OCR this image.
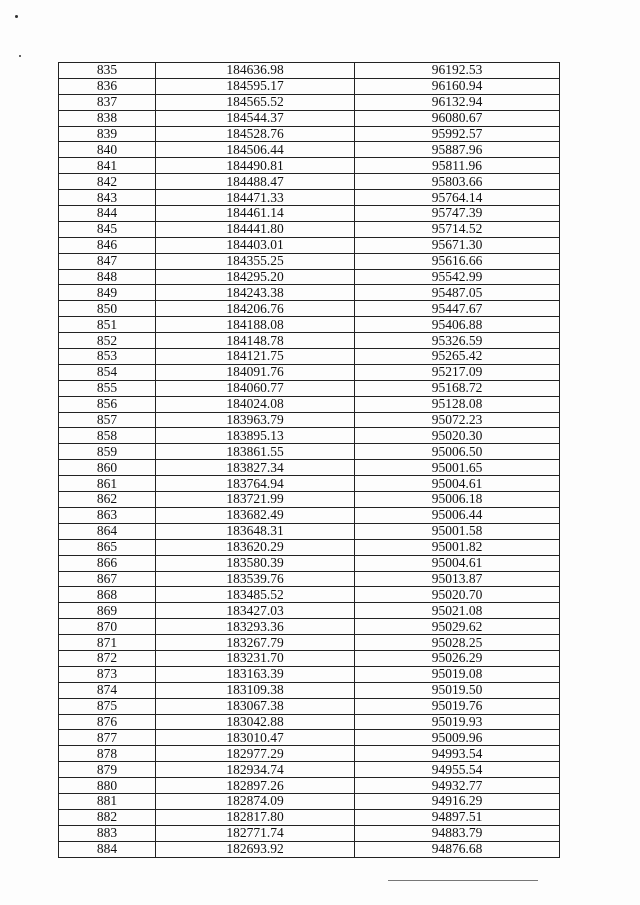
835	184636.98	96192.53
836	184595.17	96160.94
837	184565.52	96132.94
838	184544.37	96080.67
839	184528.76	95992.57
840	184506.44	95887.96
841	184490.81	95811.96
842	184488.47	95803.66
843	184471.33	95764.14
844	184461.14	95747.39
845	184441.80	95714.52
846	184403.01	95671.30
847	184355.25	95616.66
848	184295.20	95542.99
849	184243.38	95487.05
850	184206.76	95447.67
851	184188.08	95406.88
852	184148.78	95326.59
853	184121.75	95265.42
854	184091.76	95217.09
855	184060.77	95168.72
856	184024.08	95128.08
857	183963.79	95072.23
858	183895.13	95020.30
859	183861.55	95006.50
860	183827.34	95001.65
861	183764.94	95004.61
862	183721.99	95006.18
863	183682.49	95006.44
864	183648.31	95001.58
865	183620.29	95001.82
866	183580.39	95004.61
867	183539.76	95013.87
868	183485.52	95020.70
869	183427.03	95021.08
870	183293.36	95029.62
871	183267.79	95028.25
872	183231.70	95026.29
873	183163.39	95019.08
874	183109.38	95019.50
875	183067.38	95019.76
876	183042.88	95019.93
877	183010.47	95009.96
878	182977.29	94993.54
879	182934.74	94955.54
880	182897.26	94932.77
881	182874.09	94916.29
882	182817.80	94897.51
883	182771.74	94883.79
884	182693.92	94876.68
